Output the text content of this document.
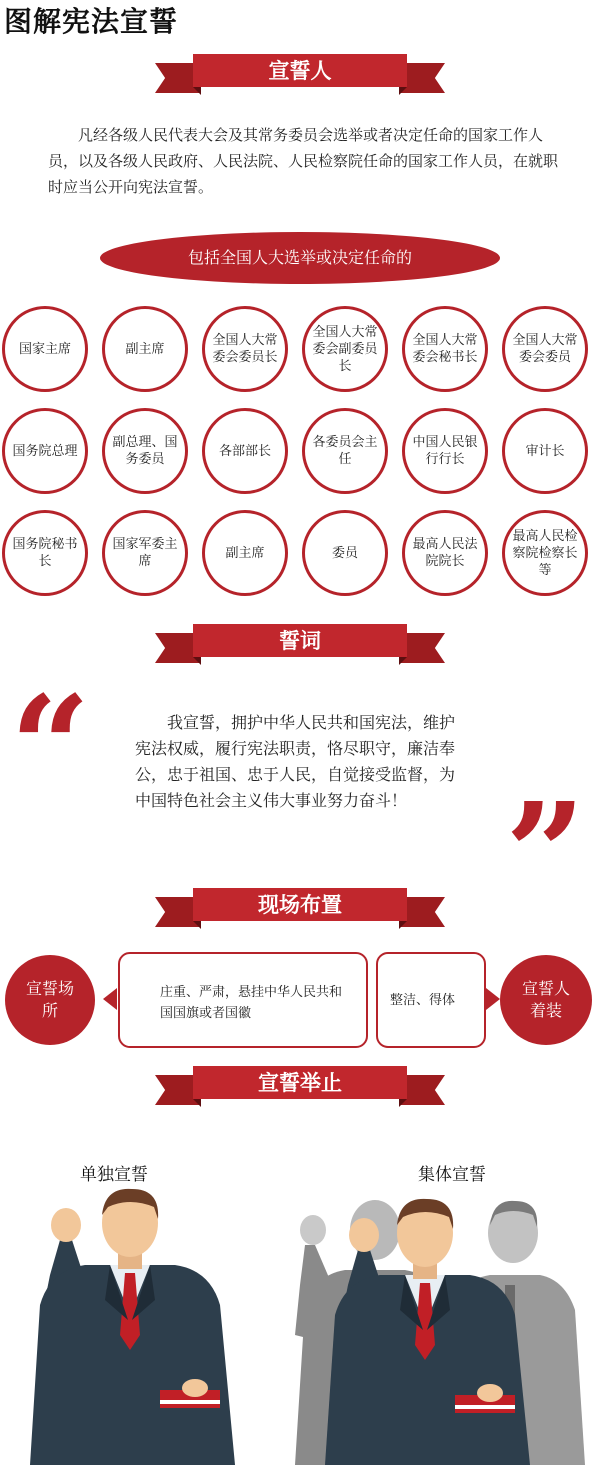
图解宪法宣誓
宣誓人
凡经各级人民代表大会及其常务委员会选举或者决定任命的国家工作人员，以及各级人民政府、人民法院、人民检察院任命的国家工作人员，在就职时应当公开向宪法宣誓。
包括全国人大选举或决定任命的
国家主席	副主席
全国人大常委会委员长
全国人大常委会副委员长
全国人大常委会秘书长
全国人大常委会委员
国务院总理
副总理、国务委员
各部部长
各委员会主任
中国人民银行行长
审计长
国务院秘书长
国家军委主席
副主席	委员
最高人民法院院长
最高人民检察院检察长等
誓词
“	我宣誓，拥护中华人民共和国宪法，维护宪法权威，履行宪法职责，恪尽职守，廉洁奉公，忠于祖国、忠于人民，自觉接受监督，为中国特色社会主义伟大事业努力奋斗！ ”
现场布置
宣誓场所
庄重、严肃，悬挂中华人民共和国国旗或者国徽
整洁、得体
宣誓人着装
宣誓举止
单独宣誓	集体宣誓
